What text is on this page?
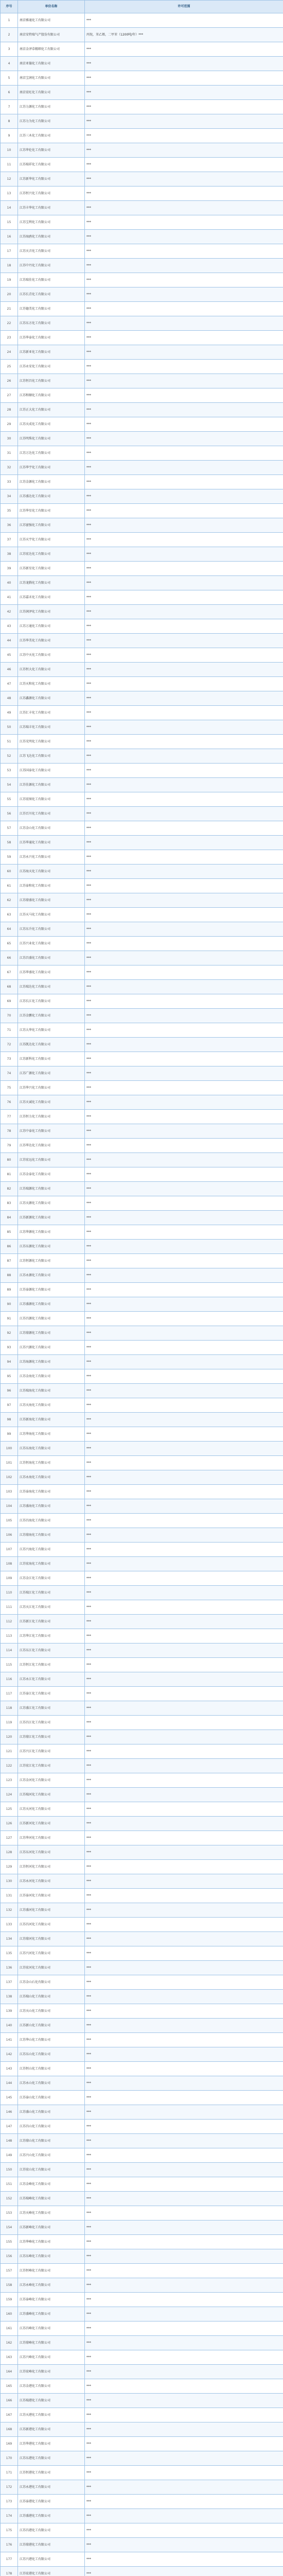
序号	单位名称	许可范围
1	南京雅通化工有限公司	***
2	南京安特瑞气产股份有限公司	丙烷，苯乙烯，二甲苯（1200吨/年）***
3	南京金泽草精细化工有限公司	***
4	南京亚翰化工有限公司	***
5	南京宝润化工有限公司	***
6	南京宏旺化工有限公司	***
7	江苏力源化工有限公司	***
8	江苏力为化工有限公司	***
9	江苏三木化工有限公司	***
10	江苏华伦化工有限公司	***
11	江苏瑞祥化工有限公司	***
12	江苏新华化工有限公司	***
13	江苏恒兴化工有限公司	***
14	江苏丰华化工有限公司	***
15	江苏宝利化工有限公司	***
16	江苏海鸥化工有限公司	***
17	江苏天音化工有限公司	***
18	江苏中丹化工有限公司	***
19	江苏瑞佳化工有限公司	***
20	江苏长青化工有限公司	***
21	江苏德美化工有限公司	***
22	江苏东方化工有限公司	***
23	江苏华泰化工有限公司	***
24	江苏新亚化工有限公司	***
25	江苏永安化工有限公司	***
26	江苏恒昌化工有限公司	***
27	江苏和顺化工有限公司	***
28	江苏正大化工有限公司	***
29	江苏天成化工有限公司	***
30	江苏明珠化工有限公司	***
31	江苏万达化工有限公司	***
32	江苏华宇化工有限公司	***
33	江苏金源化工有限公司	***
34	江苏盛达化工有限公司	***
35	江苏华星化工有限公司	***
36	江苏富强化工有限公司	***
37	江苏天宇化工有限公司	***
38	江苏宏达化工有限公司	***
39	江苏新星化工有限公司	***
40	江苏龙腾化工有限公司	***
41	江苏嘉禾化工有限公司	***
42	江苏润泽化工有限公司	***
43	江苏万通化工有限公司	***
44	江苏华美化工有限公司	***
45	江苏中天化工有限公司	***
46	江苏恒大化工有限公司	***
47	江苏天和化工有限公司	***
48	江苏鑫源化工有限公司	***
49	江苏汇丰化工有限公司	***
50	江苏瑞丰化工有限公司	***
51	江苏光明化工有限公司	***
52	江苏飞达化工有限公司	***
53	江苏国泰化工有限公司	***
54	江苏佳源化工有限公司	***
55	江苏宏图化工有限公司	***
56	江苏百川化工有限公司	***
57	江苏金山化工有限公司	***
58	江苏华通化工有限公司	***
59	江苏永兴化工有限公司	***
60	江苏海天化工有限公司	***
61	江苏泰和化工有限公司	***
62	江苏鼎盛化工有限公司	***
63	江苏天马化工有限公司	***
64	江苏东升化工有限公司	***
65	江苏兴业化工有限公司	***
66	江苏昌盛化工有限公司	***
67	江苏华盛化工有限公司	***
68	江苏瑞达化工有限公司	***
69	江苏长江化工有限公司	***
70	江苏金鹏化工有限公司	***
71	江苏大华化工有限公司	***
72	江苏凯达化工有限公司	***
73	江苏新科化工有限公司	***
74	江苏广源化工有限公司	***
75	江苏华兴化工有限公司	***
76	江苏天诚化工有限公司	***
77	江苏恒力化工有限公司	***
78	江苏中泰化工有限公司	***
79	江苏华达化工有限公司	***
80	江苏宏远化工有限公司	***
81	江苏金泰化工有限公司	***
82	江苏瑞源化工有限公司	***
83	江苏天源化工有限公司	***
84	江苏新源化工有限公司	***
85	江苏华源化工有限公司	***
86	江苏东源化工有限公司	***
87	江苏恒源化工有限公司	***
88	江苏永源化工有限公司	***
89	江苏泰源化工有限公司	***
90	江苏盛源化工有限公司	***
91	江苏昌源化工有限公司	***
92	江苏鼎源化工有限公司	***
93	江苏兴源化工有限公司	***
94	江苏海源化工有限公司	***
95	江苏金海化工有限公司	***
96	江苏瑞海化工有限公司	***
97	江苏天海化工有限公司	***
98	江苏新海化工有限公司	***
99	江苏华海化工有限公司	***
100	江苏东海化工有限公司	***
101	江苏恒海化工有限公司	***
102	江苏永海化工有限公司	***
103	江苏泰海化工有限公司	***
104	江苏盛海化工有限公司	***
105	江苏昌海化工有限公司	***
106	江苏鼎海化工有限公司	***
107	江苏兴海化工有限公司	***
108	江苏宏海化工有限公司	***
109	江苏金江化工有限公司	***
110	江苏瑞江化工有限公司	***
111	江苏天江化工有限公司	***
112	江苏新江化工有限公司	***
113	江苏华江化工有限公司	***
114	江苏东江化工有限公司	***
115	江苏恒江化工有限公司	***
116	江苏永江化工有限公司	***
117	江苏泰江化工有限公司	***
118	江苏盛江化工有限公司	***
119	江苏昌江化工有限公司	***
120	江苏鼎江化工有限公司	***
121	江苏兴江化工有限公司	***
122	江苏宏江化工有限公司	***
123	江苏金河化工有限公司	***
124	江苏瑞河化工有限公司	***
125	江苏天河化工有限公司	***
126	江苏新河化工有限公司	***
127	江苏华河化工有限公司	***
128	江苏东河化工有限公司	***
129	江苏恒河化工有限公司	***
130	江苏永河化工有限公司	***
131	江苏泰河化工有限公司	***
132	江苏盛河化工有限公司	***
133	江苏昌河化工有限公司	***
134	江苏鼎河化工有限公司	***
135	江苏兴河化工有限公司	***
136	江苏宏河化工有限公司	***
137	江苏金山石化有限公司	***
138	江苏瑞山化工有限公司	***
139	江苏天山化工有限公司	***
140	江苏新山化工有限公司	***
141	江苏华山化工有限公司	***
142	江苏东山化工有限公司	***
143	江苏恒山化工有限公司	***
144	江苏永山化工有限公司	***
145	江苏泰山化工有限公司	***
146	江苏盛山化工有限公司	***
147	江苏昌山化工有限公司	***
148	江苏鼎山化工有限公司	***
149	江苏兴山化工有限公司	***
150	江苏宏山化工有限公司	***
151	江苏金峰化工有限公司	***
152	江苏瑞峰化工有限公司	***
153	江苏天峰化工有限公司	***
154	江苏新峰化工有限公司	***
155	江苏华峰化工有限公司	***
156	江苏东峰化工有限公司	***
157	江苏恒峰化工有限公司	***
158	江苏永峰化工有限公司	***
159	江苏泰峰化工有限公司	***
160	江苏盛峰化工有限公司	***
161	江苏昌峰化工有限公司	***
162	江苏鼎峰化工有限公司	***
163	江苏兴峰化工有限公司	***
164	江苏宏峰化工有限公司	***
165	江苏金港化工有限公司	***
166	江苏瑞港化工有限公司	***
167	江苏天港化工有限公司	***
168	江苏新港化工有限公司	***
169	江苏华港化工有限公司	***
170	江苏东港化工有限公司	***
171	江苏恒港化工有限公司	***
172	江苏永港化工有限公司	***
173	江苏泰港化工有限公司	***
174	江苏盛港化工有限公司	***
175	江苏昌港化工有限公司	***
176	江苏鼎港化工有限公司	***
177	江苏兴港化工有限公司	***
178	江苏宏港化工有限公司	***
